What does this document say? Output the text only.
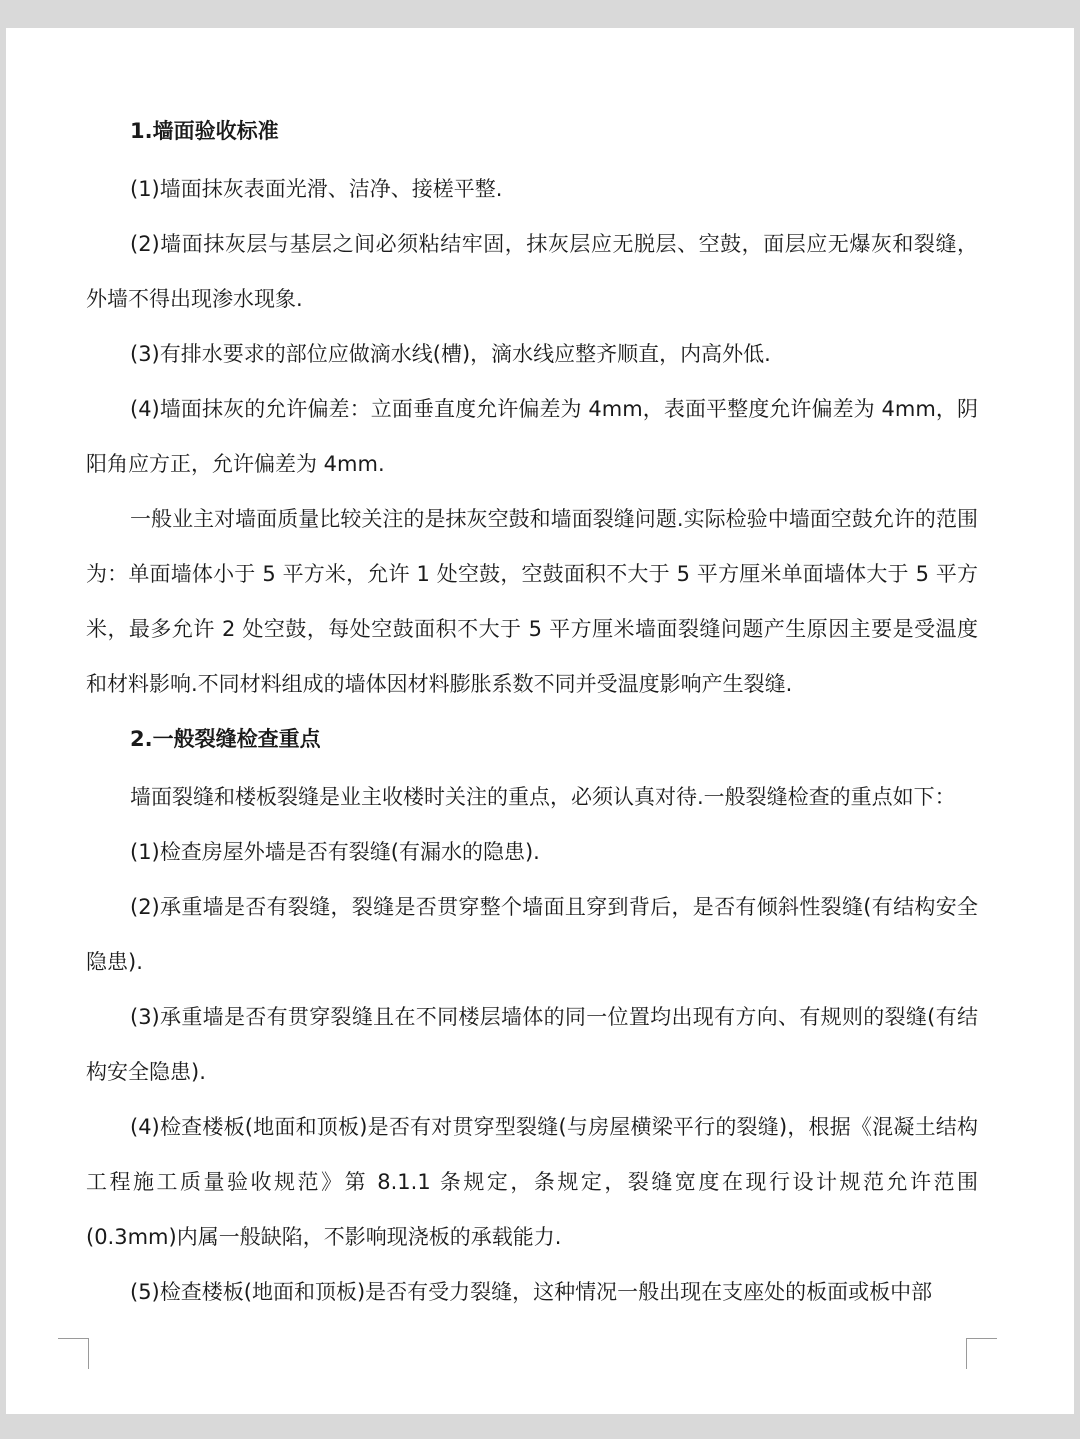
1.墙面验收标准

(1)墙面抹灰表面光滑、洁净、接槎平整.

(2)墙面抹灰层与基层之间必须粘结牢固，抹灰层应无脱层、空鼓，面层应无爆灰和裂缝，外墙不得出现渗水现象.

(3)有排水要求的部位应做滴水线(槽)，滴水线应整齐顺直，内高外低.

(4)墙面抹灰的允许偏差：立面垂直度允许偏差为 4mm，表面平整度允许偏差为 4mm，阴阳角应方正，允许偏差为 4mm.

一般业主对墙面质量比较关注的是抹灰空鼓和墙面裂缝问题.实际检验中墙面空鼓允许的范围为：单面墙体小于 5 平方米，允许 1 处空鼓，空鼓面积不大于 5 平方厘米单面墙体大于 5 平方米，最多允许 2 处空鼓，每处空鼓面积不大于 5 平方厘米墙面裂缝问题产生原因主要是受温度和材料影响.不同材料组成的墙体因材料膨胀系数不同并受温度影响产生裂缝.

2.一般裂缝检查重点

墙面裂缝和楼板裂缝是业主收楼时关注的重点，必须认真对待.一般裂缝检查的重点如下：

(1)检查房屋外墙是否有裂缝(有漏水的隐患).

(2)承重墙是否有裂缝，裂缝是否贯穿整个墙面且穿到背后，是否有倾斜性裂缝(有结构安全隐患).

(3)承重墙是否有贯穿裂缝且在不同楼层墙体的同一位置均出现有方向、有规则的裂缝(有结构安全隐患).

(4)检查楼板(地面和顶板)是否有对贯穿型裂缝(与房屋横梁平行的裂缝)，根据《混凝土结构工程施工质量验收规范》第 8.1.1 条规定，条规定，裂缝宽度在现行设计规范允许范围(0.3mm)内属一般缺陷，不影响现浇板的承载能力.

(5)检查楼板(地面和顶板)是否有受力裂缝，这种情况一般出现在支座处的板面或板中部
